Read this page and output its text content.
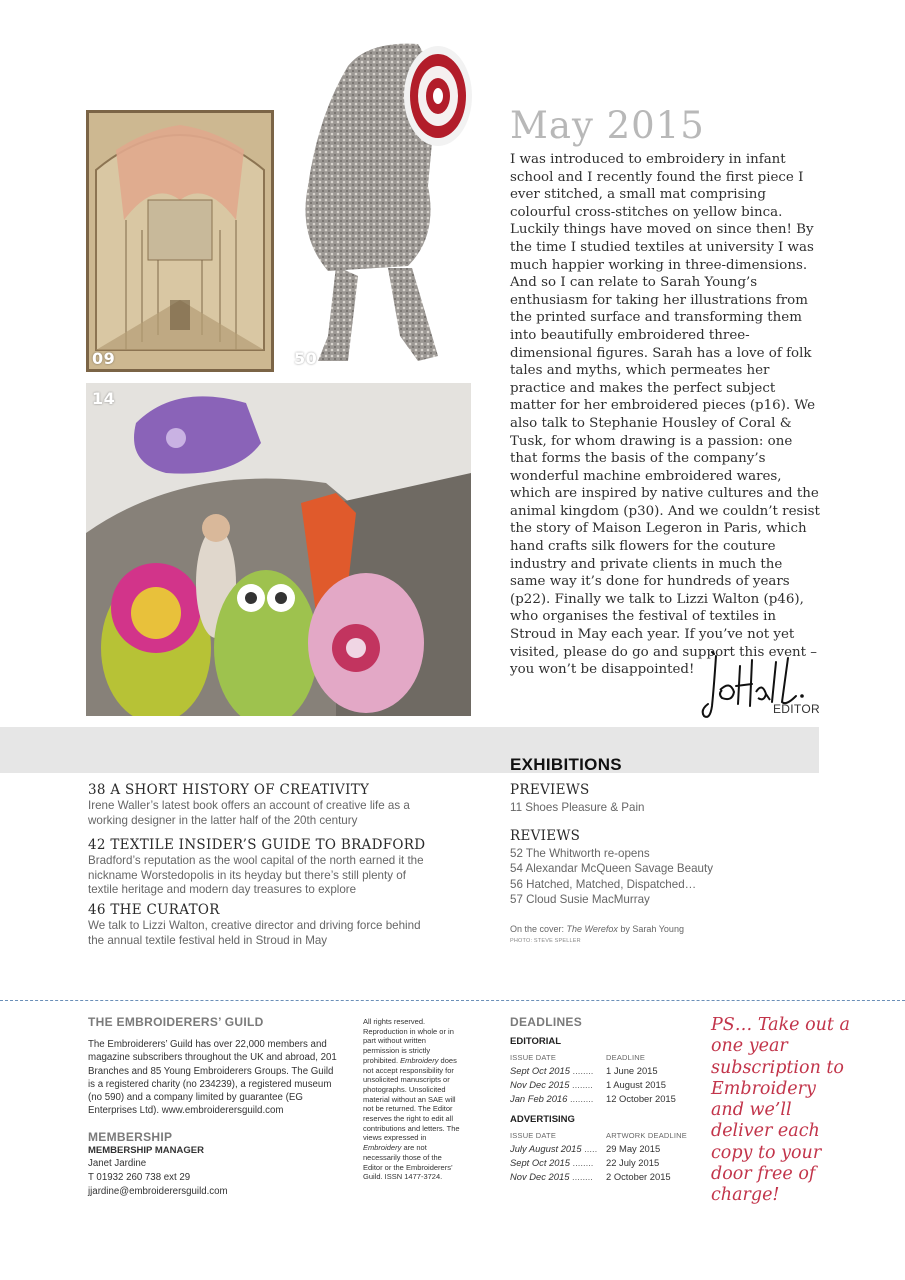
09	50
14
May 2015

I was introduced to embroidery in infant school and I recently found the first piece I ever stitched, a small mat comprising colourful cross-stitches on yellow binca. Luckily things have moved on since then! By the time I studied textiles at university I was much happier working in three-dimensions. And so I can relate to Sarah Young’s enthusiasm for taking her illustrations from the printed surface and transforming them into beautifully embroidered three-dimensional figures. Sarah has a love of folk tales and myths, which permeates her practice and makes the perfect subject matter for her embroidered pieces (p16). We also talk to Stephanie Housley of Coral & Tusk, for whom drawing is a passion: one that forms the basis of the company’s wonderful machine embroidered wares, which are inspired by native cultures and the animal kingdom (p30). And we couldn’t resist the story of Maison Legeron in Paris, which hand crafts silk flowers for the couture industry and private clients in much the same way it’s done for hundreds of years (p22). Finally we talk to Lizzi Walton (p46), who organises the festival of textiles in Stroud in May each year. If you’ve not yet visited, please do go and support this event – you won’t be disappointed!

EDITOR
EXHIBITIONS
38 A SHORT HISTORY OF CREATIVITY

Irene Waller’s latest book offers an account of creative life as a working designer in the latter half of the 20th century

42 TEXTILE INSIDER’S GUIDE TO BRADFORD

Bradford’s reputation as the wool capital of the north earned it the nickname Worstedopolis in its heyday but there’s still plenty of textile heritage and modern day treasures to explore

46 THE CURATOR

We talk to Lizzi Walton, creative director and driving force behind the annual textile festival held in Stroud in May

PREVIEWS
11 Shoes Pleasure & Pain
REVIEWS
52 The Whitworth re-opens
54 Alexandar McQueen Savage Beauty
56 Hatched, Matched, Dispatched…
57 Cloud Susie MacMurray

On the cover: The Werefox by Sarah Young

PHOTO: STEVE SPELLER

THE EMBROIDERERS’ GUILD

The Embroiderers’ Guild has over 22,000 members and magazine subscribers throughout the UK and abroad, 201 Branches and 85 Young Embroiderers Groups. The Guild is a registered charity (no 234239), a registered museum (no 590) and a company limited by guarantee (EG Enterprises Ltd). www.embroiderersguild.com

MEMBERSHIP

MEMBERSHIP MANAGER

Janet Jardine

T 01932 260 738 ext 29

jjardine@embroiderersguild.com

All rights reserved. Reproduction in whole or in part without written permission is strictly prohibited. Embroidery does not accept responsibility for unsolicited manuscripts or photographs. Unsolicited material without an SAE will not be returned. The Editor reserves the right to edit all contributions and letters. The views expressed in Embroidery are not necessarily those of the Editor or the Embroiderers’ Guild. ISSN 1477-3724.

DEADLINES

EDITORIAL

ISSUE DATE	DEADLINE
Sept Oct 2015 ........ 1 June 2015
Nov Dec 2015 ........ 1 August 2015
Jan Feb 2016 ......... 12 October 2015

ADVERTISING

ISSUE DATE	ARTWORK DEADLINE
July August 2015 ..... 29 May 2015
Sept Oct 2015 ........ 22 July 2015
Nov Dec 2015 ........ 2 October 2015

PS… Take out a one year subscription to Embroidery and we’ll deliver each copy to your door free of charge!
